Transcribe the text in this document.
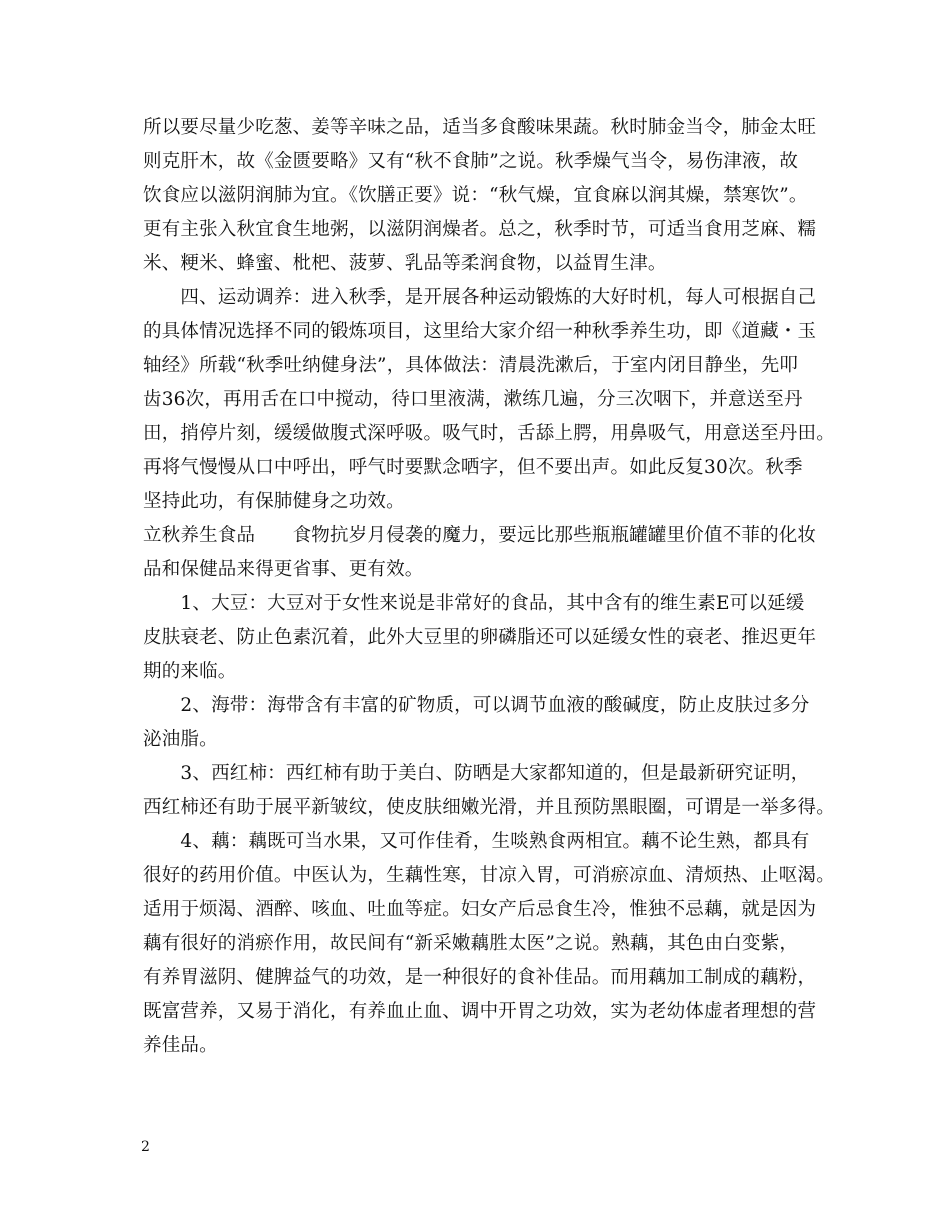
所以要尽量少吃葱、姜等辛味之品，适当多食酸味果蔬。秋时肺金当令，肺金太旺
则克肝木，故《金匮要略》又有“秋不食肺”之说。秋季燥气当令，易伤津液，故
饮食应以滋阴润肺为宜。《饮膳正要》说：“秋气燥，宜食麻以润其燥，禁寒饮”。
更有主张入秋宜食生地粥，以滋阴润燥者。总之，秋季时节，可适当食用芝麻、糯
米、粳米、蜂蜜、枇杷、菠萝、乳品等柔润食物，以益胃生津。
　　四、运动调养：进入秋季，是开展各种运动锻炼的大好时机，每人可根据自己
的具体情况选择不同的锻炼项目，这里给大家介绍一种秋季养生功，即《道藏・玉
轴经》所载“秋季吐纳健身法”，具体做法：清晨洗漱后，于室内闭目静坐，先叩
齿36次，再用舌在口中搅动，待口里液满，漱练几遍，分三次咽下，并意送至丹
田，捎停片刻，缓缓做腹式深呼吸。吸气时，舌舔上腭，用鼻吸气，用意送至丹田。
再将气慢慢从口中呼出，呼气时要默念哂字，但不要出声。如此反复30次。秋季
坚持此功，有保肺健身之功效。
立秋养生食品　　食物抗岁月侵袭的魔力，要远比那些瓶瓶罐罐里价值不菲的化妆
品和保健品来得更省事、更有效。
　　1、大豆：大豆对于女性来说是非常好的食品，其中含有的维生素E可以延缓
皮肤衰老、防止色素沉着，此外大豆里的卵磷脂还可以延缓女性的衰老、推迟更年
期的来临。
　　2、海带：海带含有丰富的矿物质，可以调节血液的酸碱度，防止皮肤过多分
泌油脂。
　　3、西红柿：西红柿有助于美白、防晒是大家都知道的，但是最新研究证明，
西红柿还有助于展平新皱纹，使皮肤细嫩光滑，并且预防黑眼圈，可谓是一举多得。
　　4、藕：藕既可当水果，又可作佳肴，生啖熟食两相宜。藕不论生熟，都具有
很好的药用价值。中医认为，生藕性寒，甘凉入胃，可消瘀凉血、清烦热、止呕渴。
适用于烦渴、酒醉、咳血、吐血等症。妇女产后忌食生冷，惟独不忌藕，就是因为
藕有很好的消瘀作用，故民间有“新采嫩藕胜太医”之说。熟藕，其色由白变紫，
有养胃滋阴、健脾益气的功效，是一种很好的食补佳品。而用藕加工制成的藕粉，
既富营养，又易于消化，有养血止血、调中开胃之功效，实为老幼体虚者理想的营
养佳品。
2
